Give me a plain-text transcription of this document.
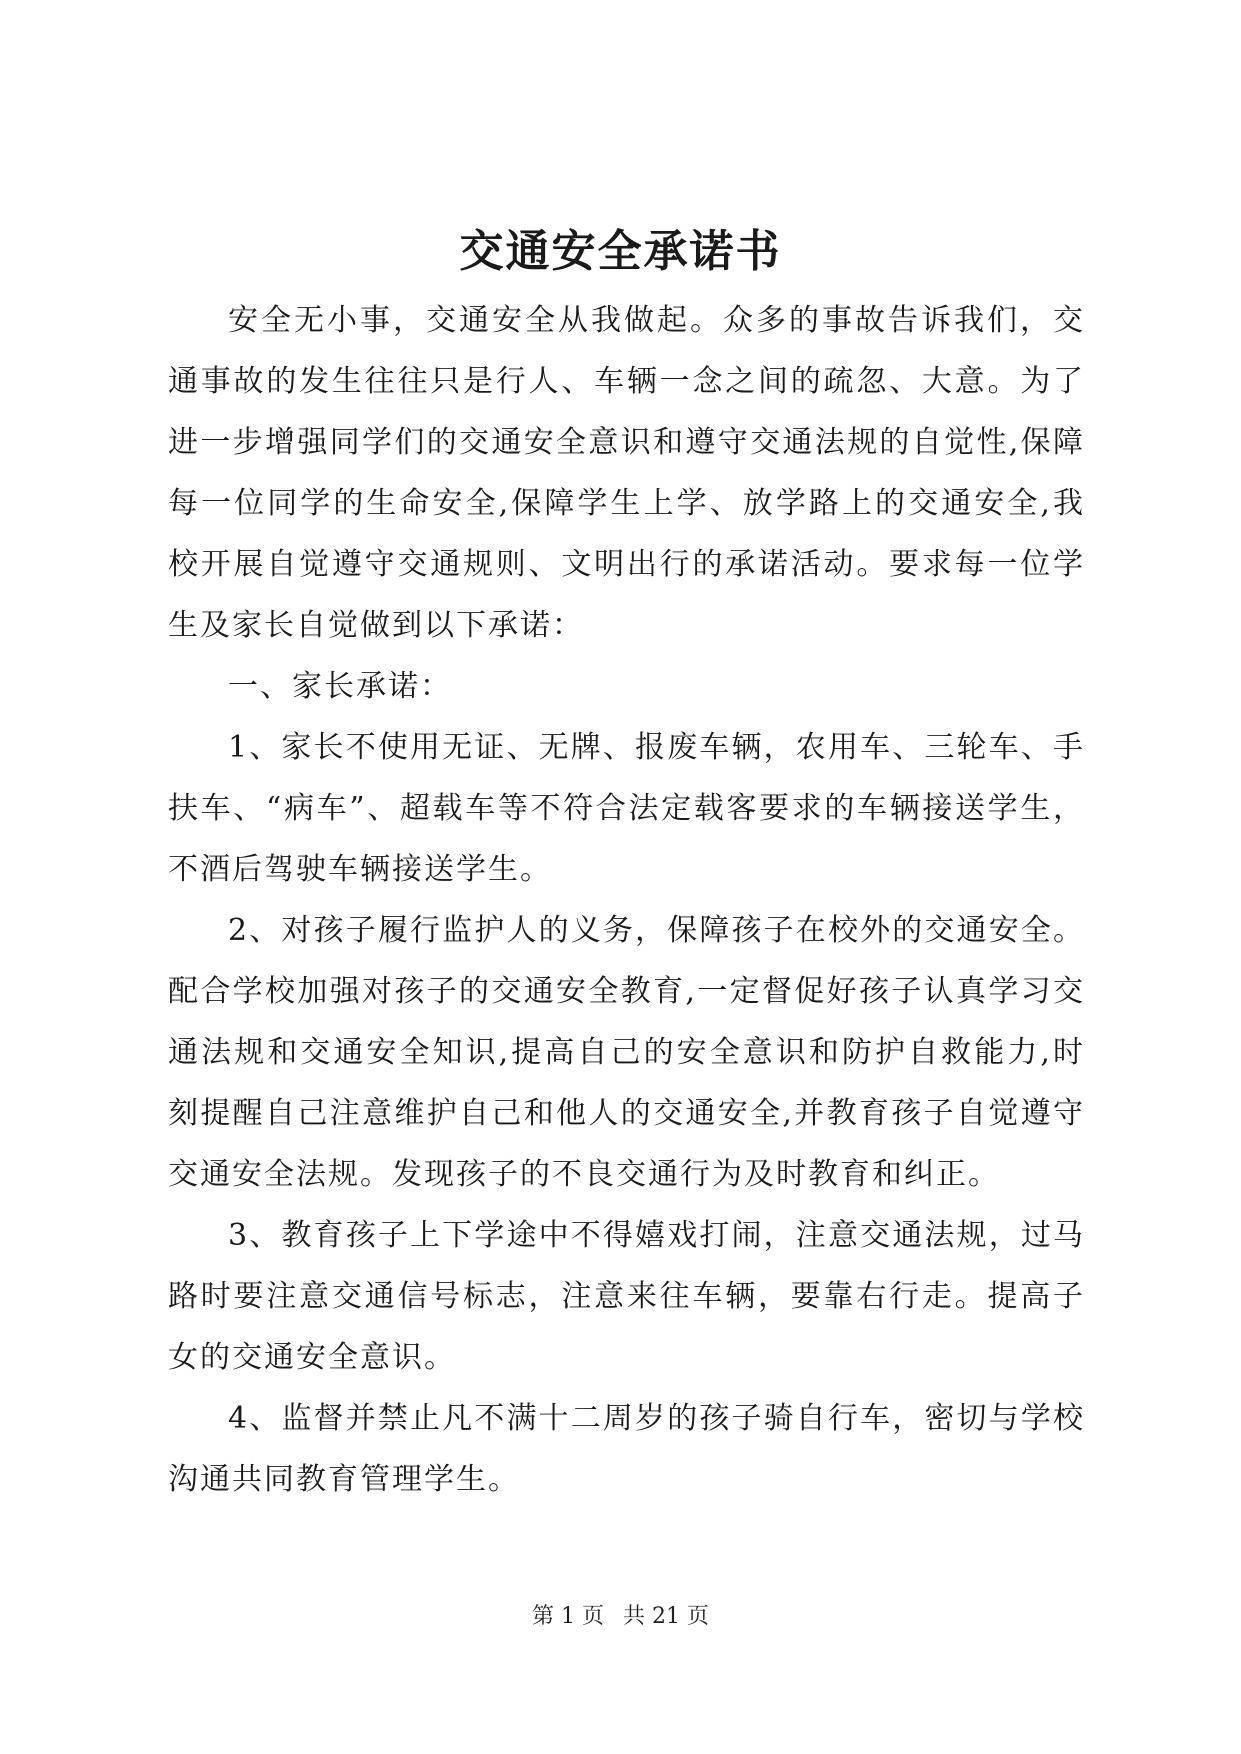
交通安全承诺书

安全无小事，交通安全从我做起。众多的事故告诉我们，交通事故的发生往往只是行人、车辆一念之间的疏忽、大意。为了进一步增强同学们的交通安全意识和遵守交通法规的自觉性,保障每一位同学的生命安全,保障学生上学、放学路上的交通安全,我校开展自觉遵守交通规则、文明出行的承诺活动。要求每一位学生及家长自觉做到以下承诺：

一、家长承诺：

1、家长不使用无证、无牌、报废车辆，农用车、三轮车、手扶车、“病车”、超载车等不符合法定载客要求的车辆接送学生，不酒后驾驶车辆接送学生。

2、对孩子履行监护人的义务，保障孩子在校外的交通安全。配合学校加强对孩子的交通安全教育,一定督促好孩子认真学习交通法规和交通安全知识,提高自己的安全意识和防护自救能力,时刻提醒自己注意维护自己和他人的交通安全,并教育孩子自觉遵守交通安全法规。发现孩子的不良交通行为及时教育和纠正。

3、教育孩子上下学途中不得嬉戏打闹，注意交通法规，过马路时要注意交通信号标志，注意来往车辆，要靠右行走。提高子女的交通安全意识。

4、监督并禁止凡不满十二周岁的孩子骑自行车，密切与学校沟通共同教育管理学生。

第 1 页 共 21 页
